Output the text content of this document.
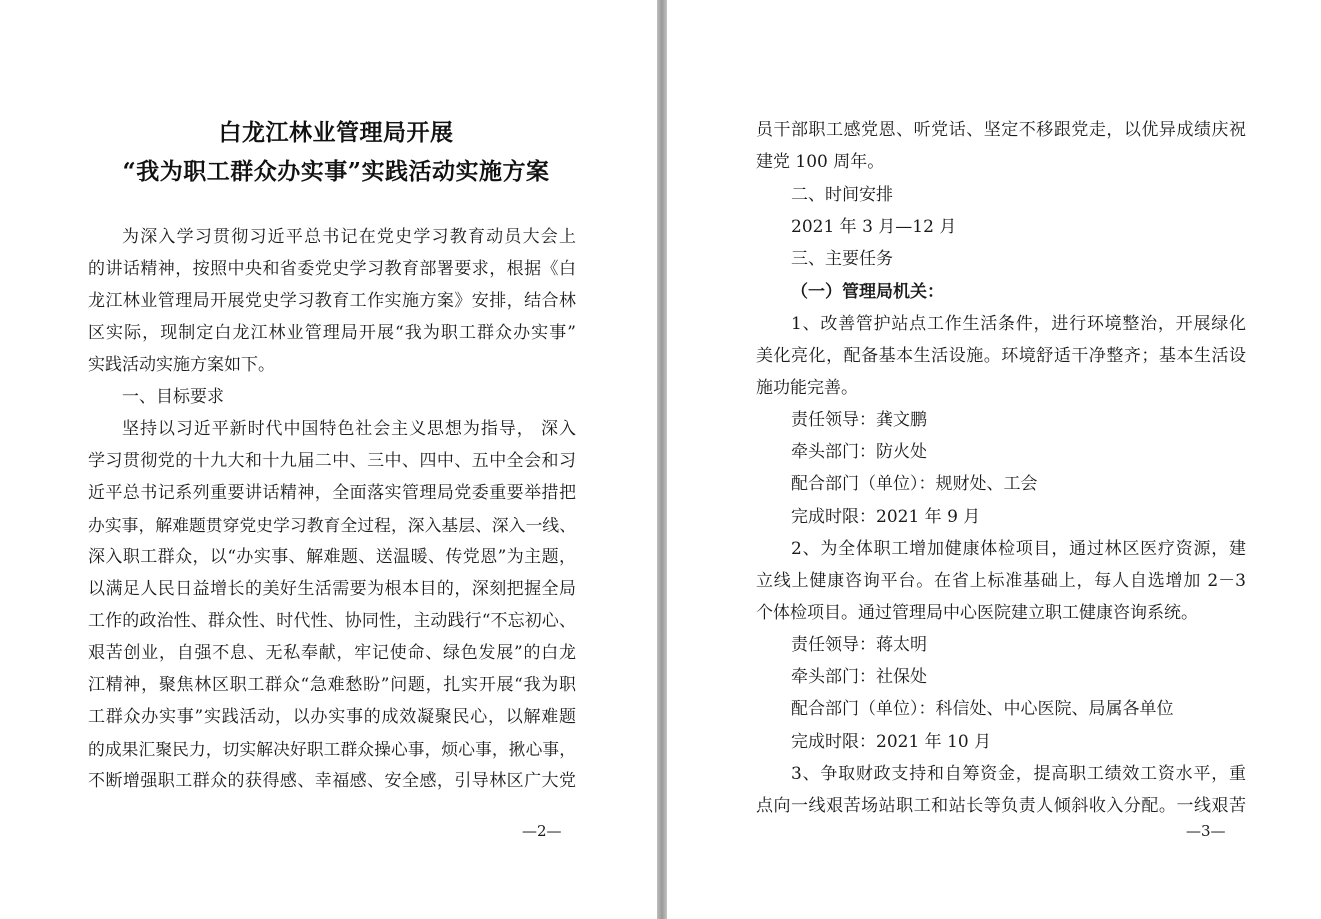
白龙江林业管理局开展
“我为职工群众办实事”实践活动实施方案
为深入学习贯彻习近平总书记在党史学习教育动员大会上
的讲话精神，按照中央和省委党史学习教育部署要求，根据《白
龙江林业管理局开展党史学习教育工作实施方案》安排，结合林
区实际，现制定白龙江林业管理局开展“我为职工群众办实事”
实践活动实施方案如下。
一、目标要求
坚持以习近平新时代中国特色社会主义思想为指导， 深入
学习贯彻党的十九大和十九届二中、三中、四中、五中全会和习
近平总书记系列重要讲话精神，全面落实管理局党委重要举措把
办实事，解难题贯穿党史学习教育全过程，深入基层、深入一线、
深入职工群众，以“办实事、解难题、送温暖、传党恩”为主题，
以满足人民日益增长的美好生活需要为根本目的，深刻把握全局
工作的政治性、群众性、时代性、协同性，主动践行“不忘初心、
艰苦创业，自强不息、无私奉献，牢记使命、绿色发展”的白龙
江精神，聚焦林区职工群众“急难愁盼”问题，扎实开展“我为职
工群众办实事”实践活动，以办实事的成效凝聚民心，以解难题
的成果汇聚民力，切实解决好职工群众操心事，烦心事，揪心事，
不断增强职工群众的获得感、幸福感、安全感，引导林区广大党
—2—
员干部职工感党恩、听党话、坚定不移跟党走，以优异成绩庆祝
建党 100 周年。
二、时间安排
2021 年 3 月—12 月
三、主要任务
（一）管理局机关：
1、改善管护站点工作生活条件，进行环境整治，开展绿化
美化亮化，配备基本生活设施。环境舒适干净整齐；基本生活设
施功能完善。
责任领导：龚文鹏
牵头部门：防火处
配合部门（单位）：规财处、工会
完成时限：2021 年 9 月
2、为全体职工增加健康体检项目，通过林区医疗资源，建
立线上健康咨询平台。在省上标准基础上，每人自选增加 2－3
个体检项目。通过管理局中心医院建立职工健康咨询系统。
责任领导：蒋太明
牵头部门：社保处
配合部门（单位）：科信处、中心医院、局属各单位
完成时限：2021 年 10 月
3、争取财政支持和自筹资金，提高职工绩效工资水平，重
点向一线艰苦场站职工和站长等负责人倾斜收入分配。一线艰苦
—3—
